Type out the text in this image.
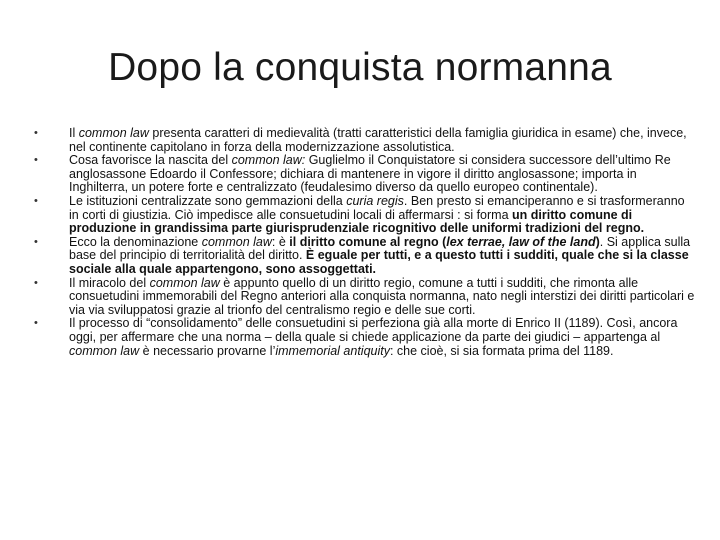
Dopo la conquista normanna
•	Il common law presenta caratteri di medievalità (tratti caratteristici della famiglia giuridica in esame) che, invece, nel continente capitolano in forza della modernizzazione assolutistica.
•	Cosa favorisce la nascita del common law: Guglielmo il Conquistatore si considera successore dell’ultimo Re anglosassone Edoardo il Confessore; dichiara di mantenere in vigore il diritto anglosassone; importa in Inghilterra, un potere forte e centralizzato (feudalesimo diverso da quello europeo continentale).
•	Le istituzioni centralizzate sono gemmazioni della curia regis. Ben presto si emanciperanno e si trasformeranno in corti di giustizia. Ciò impedisce alle consuetudini locali di affermarsi : si forma un diritto comune di produzione in grandissima parte giurisprudenziale ricognitivo delle uniformi tradizioni del regno.
•	Ecco la denominazione common law: è il diritto comune al regno (lex terrae, law of the land). Si applica sulla base del principio di territorialità del diritto. È eguale per tutti, e a questo tutti i sudditi, quale che si la classe sociale alla quale appartengono, sono assoggettati.
•	Il miracolo del common law è appunto quello di un diritto regio, comune a tutti i sudditi, che rimonta alle consuetudini immemorabili del Regno anteriori alla conquista normanna, nato negli interstizi dei diritti particolari e via via sviluppatosi grazie al trionfo del centralismo regio e delle sue corti.
•	Il processo di “consolidamento” delle consuetudini si perfeziona già alla morte di Enrico II (1189). Così, ancora oggi, per affermare che una norma – della quale si chiede applicazione da parte dei giudici – appartenga al common law è necessario provarne l’immemorial antiquity: che cioè, si sia formata prima del 1189.
